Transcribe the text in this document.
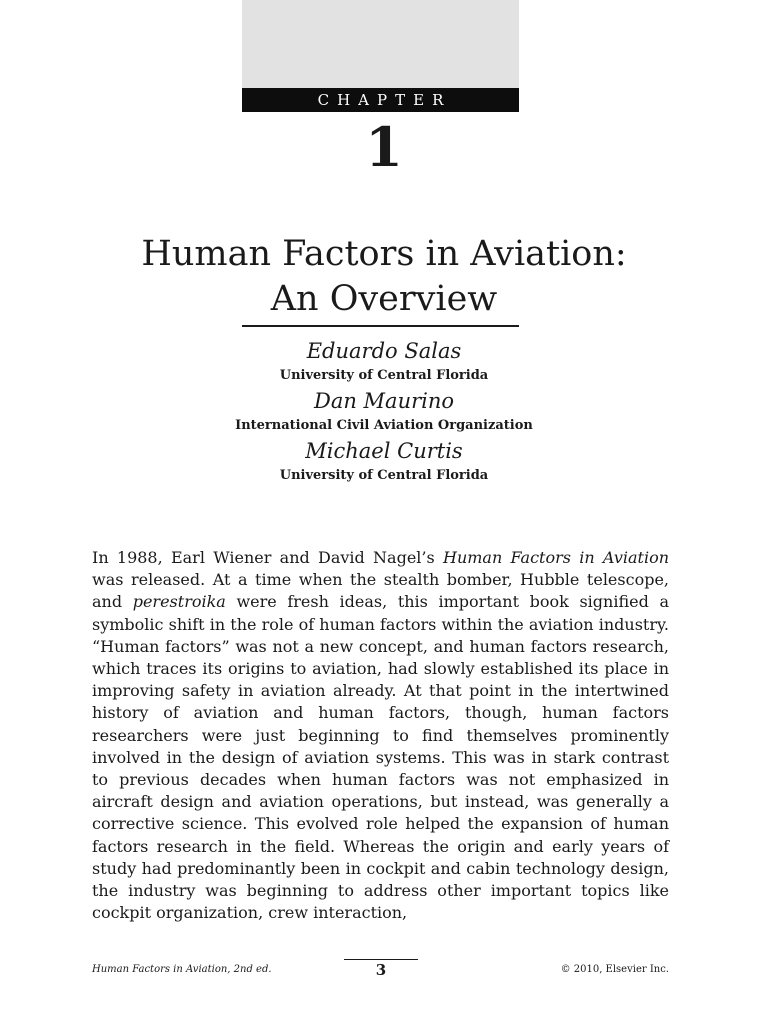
CHAPTER
1
Human Factors in Aviation:
An Overview
Eduardo Salas
University of Central Florida
Dan Maurino
International Civil Aviation Organization
Michael Curtis
University of Central Florida

In 1988, Earl Wiener and David Nagel’s Human Factors in Aviation was released. At a time when the stealth bomber, Hubble telescope, and perestroika were fresh ideas, this important book signified a symbolic shift in the role of human factors within the aviation industry. “Human factors” was not a new concept, and human factors research, which traces its origins to aviation, had slowly established its place in improving safety in aviation already. At that point in the intertwined history of aviation and human factors, though, human factors researchers were just beginning to find themselves prominently involved in the design of aviation systems. This was in stark contrast to previous decades when human factors was not emphasized in aircraft design and aviation operations, but instead, was generally a corrective science. This evolved role helped the expansion of human factors research in the field. Whereas the origin and early years of study had predominantly been in cockpit and cabin technology design, the industry was beginning to address other important topics like cockpit organization, crew interaction,

Human Factors in Aviation, 2nd ed.	3	© 2010, Elsevier Inc.
